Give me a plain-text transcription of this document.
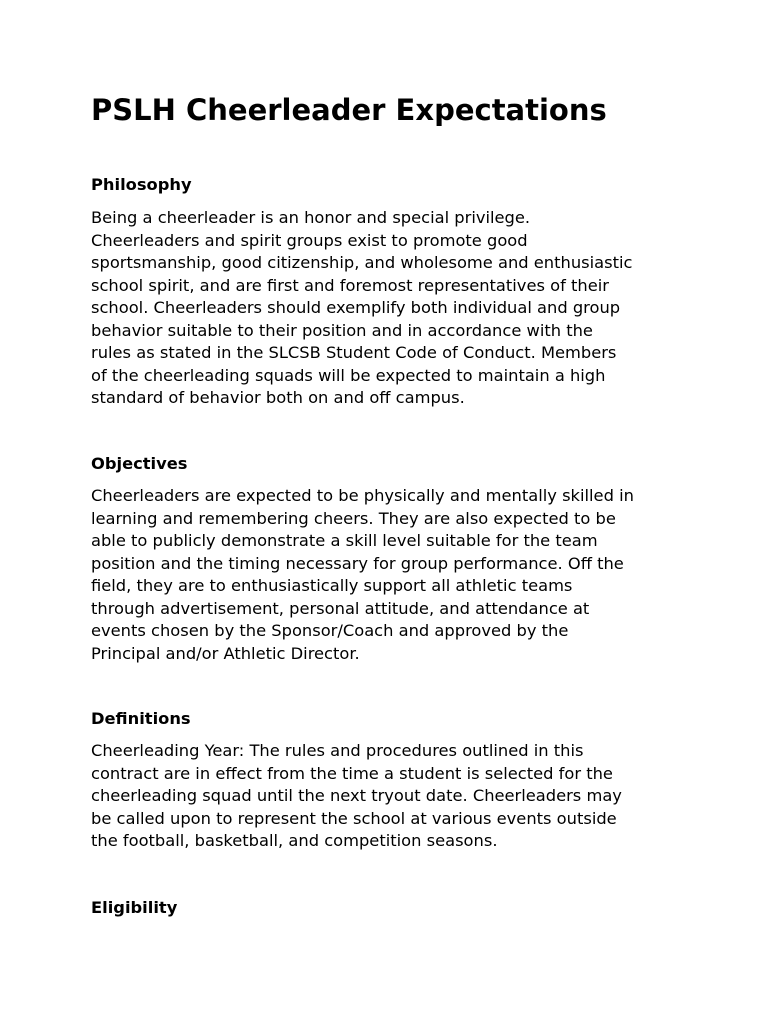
PSLH Cheerleader Expectations
Philosophy
Being a cheerleader is an honor and special privilege.
Cheerleaders and spirit groups exist to promote good
sportsmanship, good citizenship, and wholesome and enthusiastic
school spirit, and are first and foremost representatives of their
school. Cheerleaders should exemplify both individual and group
behavior suitable to their position and in accordance with the
rules as stated in the SLCSB Student Code of Conduct. Members
of the cheerleading squads will be expected to maintain a high
standard of behavior both on and off campus.
Objectives
Cheerleaders are expected to be physically and mentally skilled in
learning and remembering cheers. They are also expected to be
able to publicly demonstrate a skill level suitable for the team
position and the timing necessary for group performance. Off the
field, they are to enthusiastically support all athletic teams
through advertisement, personal attitude, and attendance at
events chosen by the Sponsor/Coach and approved by the
Principal and/or Athletic Director.
Definitions
Cheerleading Year: The rules and procedures outlined in this
contract are in effect from the time a student is selected for the
cheerleading squad until the next tryout date. Cheerleaders may
be called upon to represent the school at various events outside
the football, basketball, and competition seasons.
Eligibility
